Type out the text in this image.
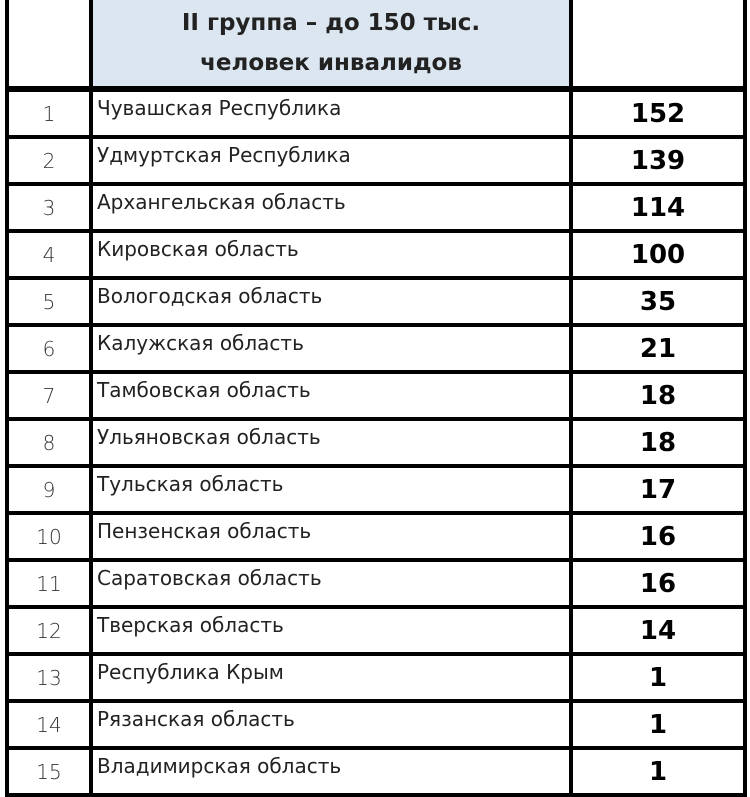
	II группа – до 150 тыс.
человек инвалидов	

1	Чувашская Республика	152
2	Удмуртская Республика	139
3	Архангельская область	114
4	Кировская область	100
5	Вологодская область	35
6	Калужская область	21
7	Тамбовская область	18
8	Ульяновская область	18
9	Тульская область	17
10	Пензенская область	16
11	Саратовская область	16
12	Тверская область	14
13	Республика Крым	1
14	Рязанская область	1
15	Владимирская область	1
